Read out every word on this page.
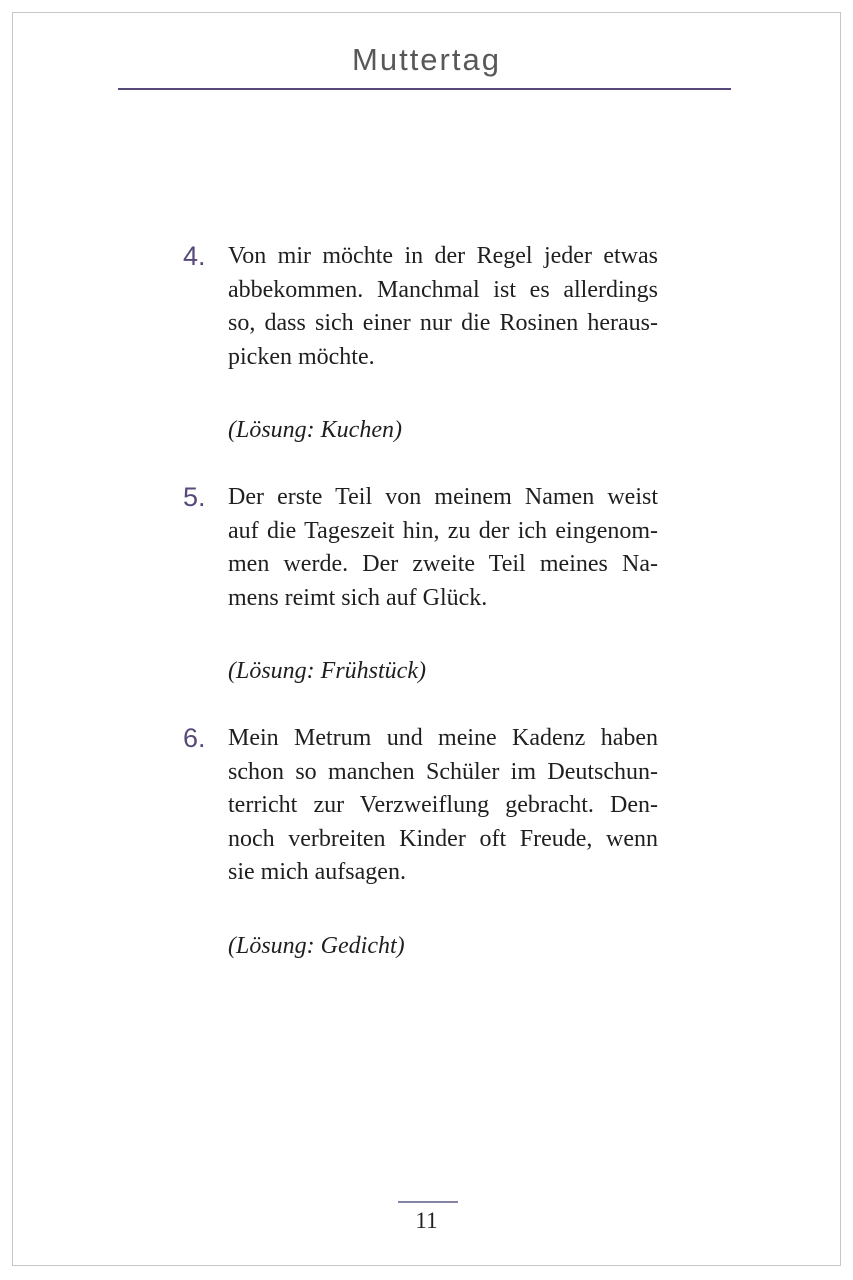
Muttertag
4. Von mir möchte in der Regel jeder etwas
abbekommen. Manchmal ist es allerdings
so, dass sich einer nur die Rosinen heraus-
picken möchte.
(Lösung: Kuchen)
5. Der erste Teil von meinem Namen weist
auf die Tageszeit hin, zu der ich eingenom-
men werde. Der zweite Teil meines Na-
mens reimt sich auf Glück.
(Lösung: Frühstück)
6. Mein Metrum und meine Kadenz haben
schon so manchen Schüler im Deutschun-
terricht zur Verzweiflung gebracht. Den-
noch verbreiten Kinder oft Freude, wenn
sie mich aufsagen.
(Lösung: Gedicht)
11
